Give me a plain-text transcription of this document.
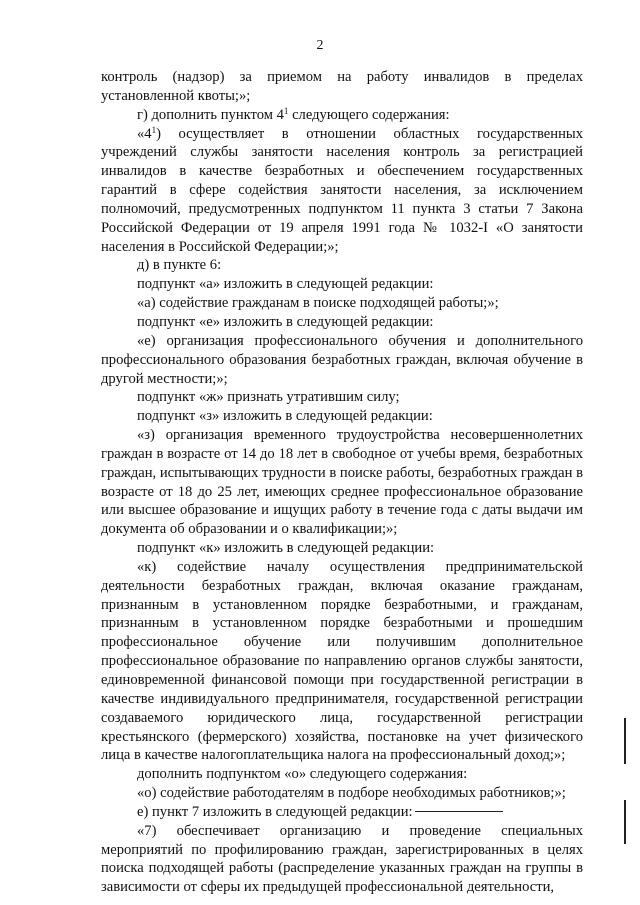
2

контроль (надзор) за приемом на работу инвалидов в пределах установленной квоты;»;

г) дополнить пунктом $4^1$ следующего содержания:

«$4^1$) осуществляет в отношении областных государственных учреждений службы занятости населения контроль за регистрацией инвалидов в качестве безработных и обеспечением государственных гарантий в сфере содействия занятости населения, за исключением полномочий, предусмотренных подпунктом 11 пункта 3 статьи 7 Закона Российской Федерации от 19 апреля 1991 года № 1032-I «О занятости населения в Российской Федерации;»;

д) в пункте 6:

подпункт «а» изложить в следующей редакции:

«а) содействие гражданам в поиске подходящей работы;»;

подпункт «е» изложить в следующей редакции:

«е) организация профессионального обучения и дополнительного профессионального образования безработных граждан, включая обучение в другой местности;»;

подпункт «ж» признать утратившим силу;

подпункт «з» изложить в следующей редакции:

«з) организация временного трудоустройства несовершеннолетних граждан в возрасте от 14 до 18 лет в свободное от учебы время, безработных граждан, испытывающих трудности в поиске работы, безработных граждан в возрасте от 18 до 25 лет, имеющих среднее профессиональное образование или высшее образование и ищущих работу в течение года с даты выдачи им документа об образовании и о квалификации;»;

подпункт «к» изложить в следующей редакции:

«к) содействие началу осуществления предпринимательской деятельности безработных граждан, включая оказание гражданам, признанным в установленном порядке безработными, и гражданам, признанным в установленном порядке безработными и прошедшим профессиональное обучение или получившим дополнительное профессиональное образование по направлению органов службы занятости, единовременной финансовой помощи при государственной регистрации в качестве индивидуального предпринимателя, государственной регистрации создаваемого юридического лица, государственной регистрации крестьянского (фермерского) хозяйства, постановке на учет физического лица в качестве налогоплательщика налога на профессиональный доход;»;

дополнить подпунктом «о» следующего содержания:

«о) содействие работодателям в подборе необходимых работников;»;

е) пункт 7 изложить в следующей редакции:

«7) обеспечивает организацию и проведение специальных мероприятий по профилированию граждан, зарегистрированных в целях поиска подходящей работы (распределение указанных граждан на группы в зависимости от сферы их предыдущей профессиональной деятельности,
